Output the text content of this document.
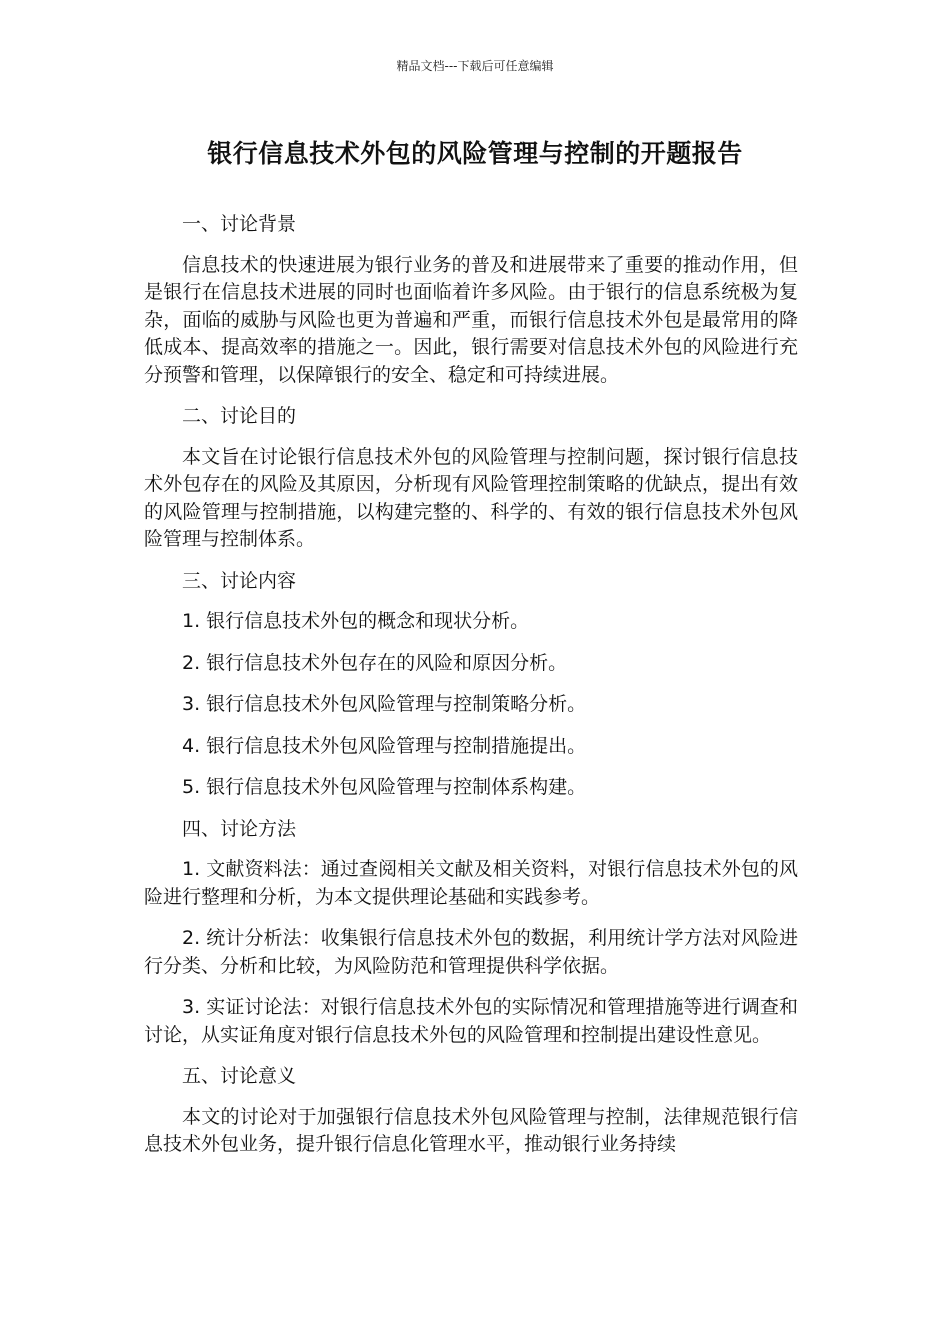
精品文档---下载后可任意编辑
银行信息技术外包的风险管理与控制的开题报告

一、讨论背景

信息技术的快速进展为银行业务的普及和进展带来了重要的推动作用，但是银行在信息技术进展的同时也面临着许多风险。由于银行的信息系统极为复杂，面临的威胁与风险也更为普遍和严重，而银行信息技术外包是最常用的降低成本、提高效率的措施之一。因此，银行需要对信息技术外包的风险进行充分预警和管理，以保障银行的安全、稳定和可持续进展。

二、讨论目的

本文旨在讨论银行信息技术外包的风险管理与控制问题，探讨银行信息技术外包存在的风险及其原因，分析现有风险管理控制策略的优缺点，提出有效的风险管理与控制措施，以构建完整的、科学的、有效的银行信息技术外包风险管理与控制体系。

三、讨论内容

1. 银行信息技术外包的概念和现状分析。

2. 银行信息技术外包存在的风险和原因分析。

3. 银行信息技术外包风险管理与控制策略分析。

4. 银行信息技术外包风险管理与控制措施提出。

5. 银行信息技术外包风险管理与控制体系构建。

四、讨论方法

1. 文献资料法：通过查阅相关文献及相关资料，对银行信息技术外包的风险进行整理和分析，为本文提供理论基础和实践参考。

2. 统计分析法：收集银行信息技术外包的数据，利用统计学方法对风险进行分类、分析和比较，为风险防范和管理提供科学依据。

3. 实证讨论法：对银行信息技术外包的实际情况和管理措施等进行调查和讨论，从实证角度对银行信息技术外包的风险管理和控制提出建设性意见。

五、讨论意义

本文的讨论对于加强银行信息技术外包风险管理与控制，法律规范银行信息技术外包业务，提升银行信息化管理水平，推动银行业务持续
